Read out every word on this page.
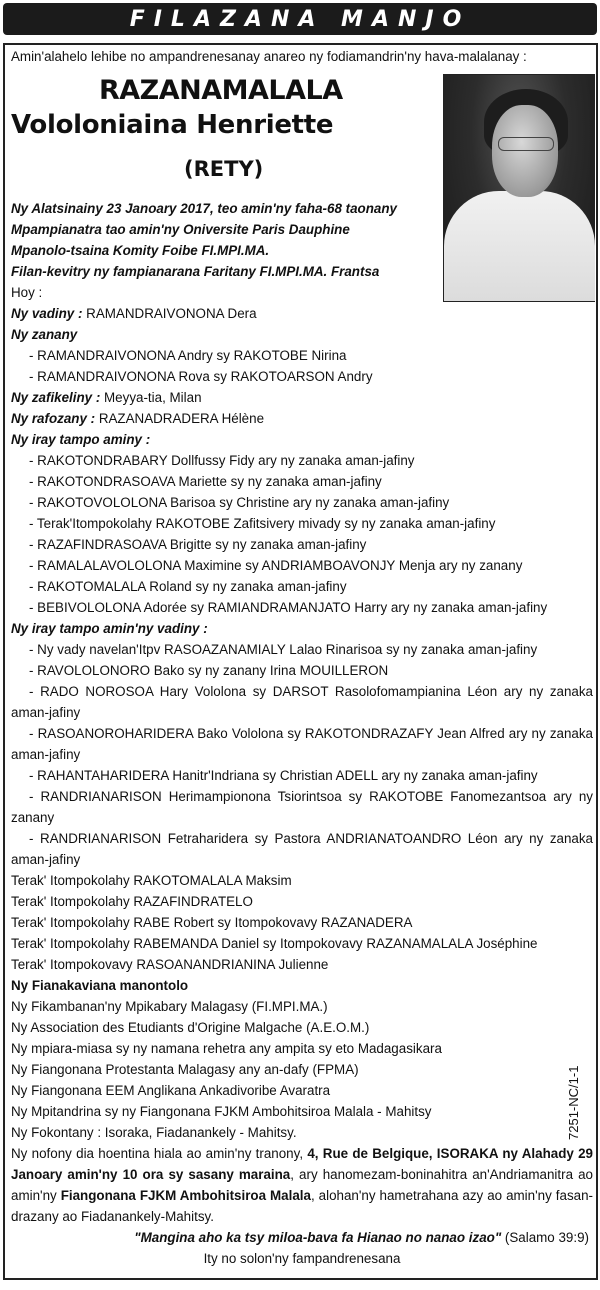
FILAZANA MANJO
Amin'alahelo lehibe no ampandrenesanay anareo ny fodiamandrin'ny hava-malalanay :
RAZANAMALALA
Vololoniaina Henriette
(RETY)
Ny Alatsinainy 23 Janoary 2017, teo amin'ny faha-68 taonany
Mpampianatra tao amin'ny Oniversite Paris Dauphine
Mpanolo-tsaina Komity Foibe FI.MPI.MA.
Filan-kevitry ny fampianarana Faritany FI.MPI.MA. Frantsa
Hoy :
Ny vadiny : RAMANDRAIVONONA Dera
Ny zanany
- RAMANDRAIVONONA Andry sy RAKOTOBE Nirina
- RAMANDRAIVONONA Rova sy RAKOTOARSON Andry
Ny zafikeliny : Meyya-tia, Milan
Ny rafozany : RAZANADRADERA Hélène
Ny iray tampo aminy :
- RAKOTONDRABARY Dollfussy Fidy ary ny zanaka aman-jafiny
- RAKOTONDRASOAVA Mariette sy ny zanaka aman-jafiny
- RAKOTOVOLOLONA Barisoa sy Christine ary ny zanaka aman-jafiny
- Terak'Itompokolahy RAKOTOBE Zafitsivery mivady sy ny zanaka aman-jafiny
- RAZAFINDRASOAVA Brigitte sy ny zanaka aman-jafiny
- RAMALALAVOLOLONA Maximine sy ANDRIAMBOAVONJY Menja ary ny zanany
- RAKOTOMALALA Roland sy ny zanaka aman-jafiny
- BEBIVOLOLONA Adorée sy RAMIANDRAMANJATO Harry ary ny zanaka aman-jafiny
Ny iray tampo amin'ny vadiny :
- Ny vady navelan'Itpv RASOAZANAMIALY Lalao Rinarisoa sy ny zanaka aman-jafiny
- RAVOLOLONORO Bako sy ny zanany Irina MOUILLERON
- RADO NOROSOA Hary Vololona sy DARSOT Rasolofomampianina Léon ary ny zanaka aman-jafiny
- RASOANOROHARIDERA Bako Vololona sy RAKOTONDRAZAFY Jean Alfred ary ny zanaka aman-jafiny
- RAHANTAHARIDERA Hanitr'Indriana sy Christian ADELL ary ny zanaka aman-jafiny
- RANDRIANARISON Herimampiononа Tsiorintsoa sy RAKOTOBE Fanomezantsoa ary ny zanany
- RANDRIANARISON Fetraharidera sy Pastora ANDRIANATOANDRO Léon ary ny zanaka aman-jafiny
Terak' Itompokolahy RAKOTOMALALA Maksim
Terak' Itompokolahy RAZAFINDRATELO
Terak' Itompokolahy RABE Robert sy Itompokovavy RAZANADERA
Terak' Itompokolahy RABEMANDA Daniel sy Itompokovavy RAZANAMALALA Joséphine
Terak' Itompokovavy RASOANANDRIANINA Julienne
Ny Fianakaviana manontolo
Ny Fikambanan'ny Mpikabary Malagasy (FI.MPI.MA.)
Ny Association des Etudiants d'Origine Malgache (A.E.O.M.)
Ny mpiara-miasa sy ny namana rehetra any ampita sy eto Madagasikara
Ny Fiangonana Protestanta Malagasy any an-dafy (FPMA)
Ny Fiangonana EEM Anglikana Ankadivoribe Avaratra
Ny Mpitandrina sy ny Fiangonana FJKM Ambohitsiroa Malala - Mahitsy
Ny Fokontany : Isoraka, Fiadanankely - Mahitsy.
Ny nofony dia hoentina hiala ao amin'ny tranony, 4, Rue de Belgique, ISORAKA ny Alahady 29 Janoary amin'ny 10 ora sy sasany maraina, ary hanomezam-boninahitra an'Andriamanitra ao amin'ny Fiangonana FJKM Ambohitsiroa Malala, alohan'ny hametrahana azy ao amin'ny fasan-drazany ao Fiadanankely-Mahitsy.
"Mangina aho ka tsy miloa-bava fa Hianao no nanao izao" (Salamo 39:9)
Ity no solon'ny fampandrenesana
7251-NC/1-1
